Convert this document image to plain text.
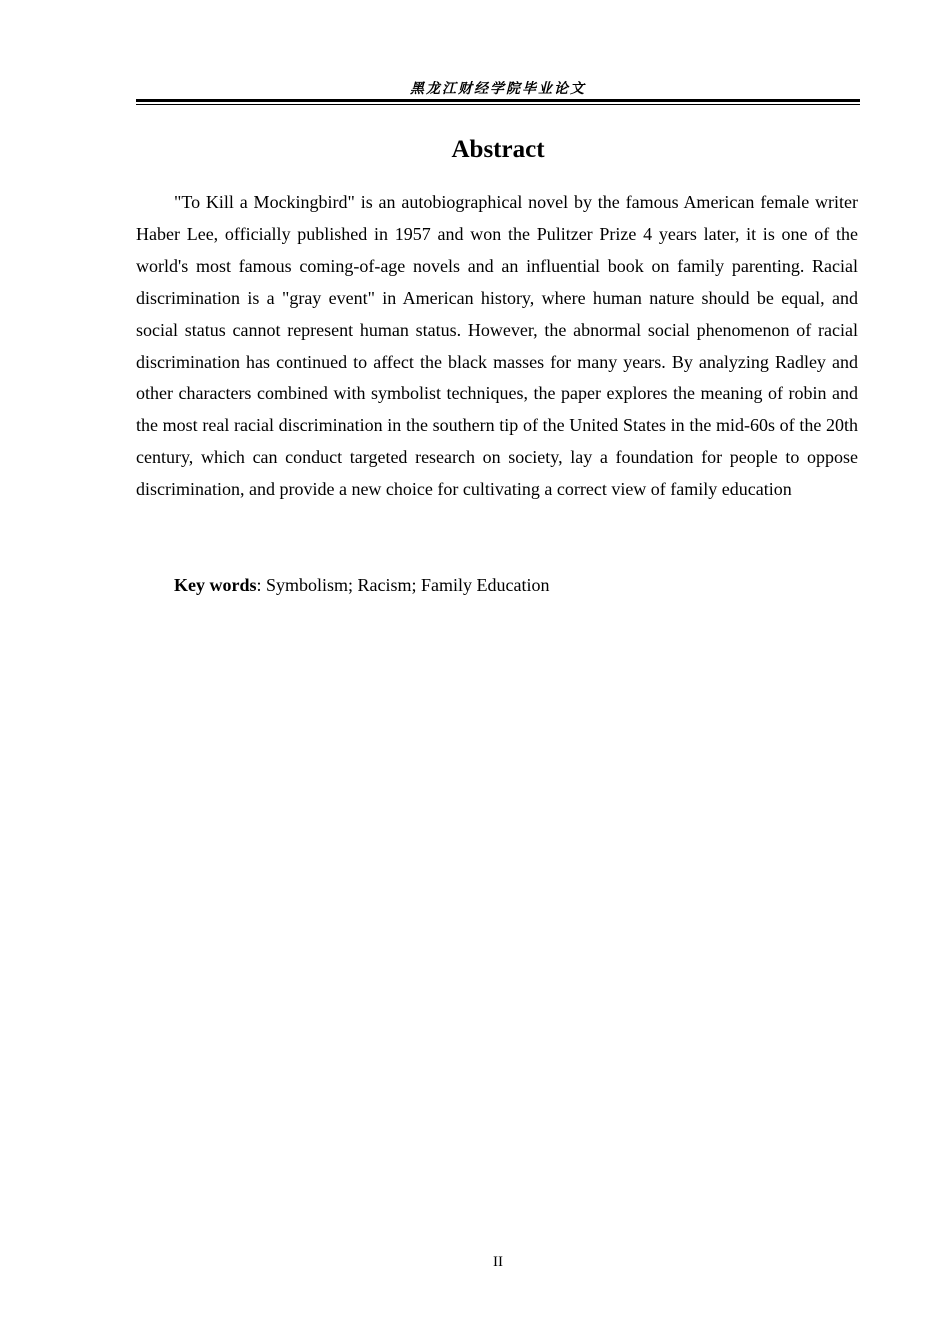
黑龙江财经学院毕业论文
Abstract

"To Kill a Mockingbird" is an autobiographical novel by the famous American female writer Haber Lee, officially published in 1957 and won the Pulitzer Prize 4 years later, it is one of the world's most famous coming-of-age novels and an influential book on family parenting. Racial discrimination is a "gray event" in American history, where human nature should be equal, and social status cannot represent human status. However, the abnormal social phenomenon of racial discrimination has continued to affect the black masses for many years. By analyzing Radley and other characters combined with symbolist techniques, the paper explores the meaning of robin and the most real racial discrimination in the southern tip of the United States in the mid-60s of the 20th century, which can conduct targeted research on society, lay a foundation for people to oppose discrimination, and provide a new choice for cultivating a correct view of family education

Key words: Symbolism; Racism; Family Education

II
